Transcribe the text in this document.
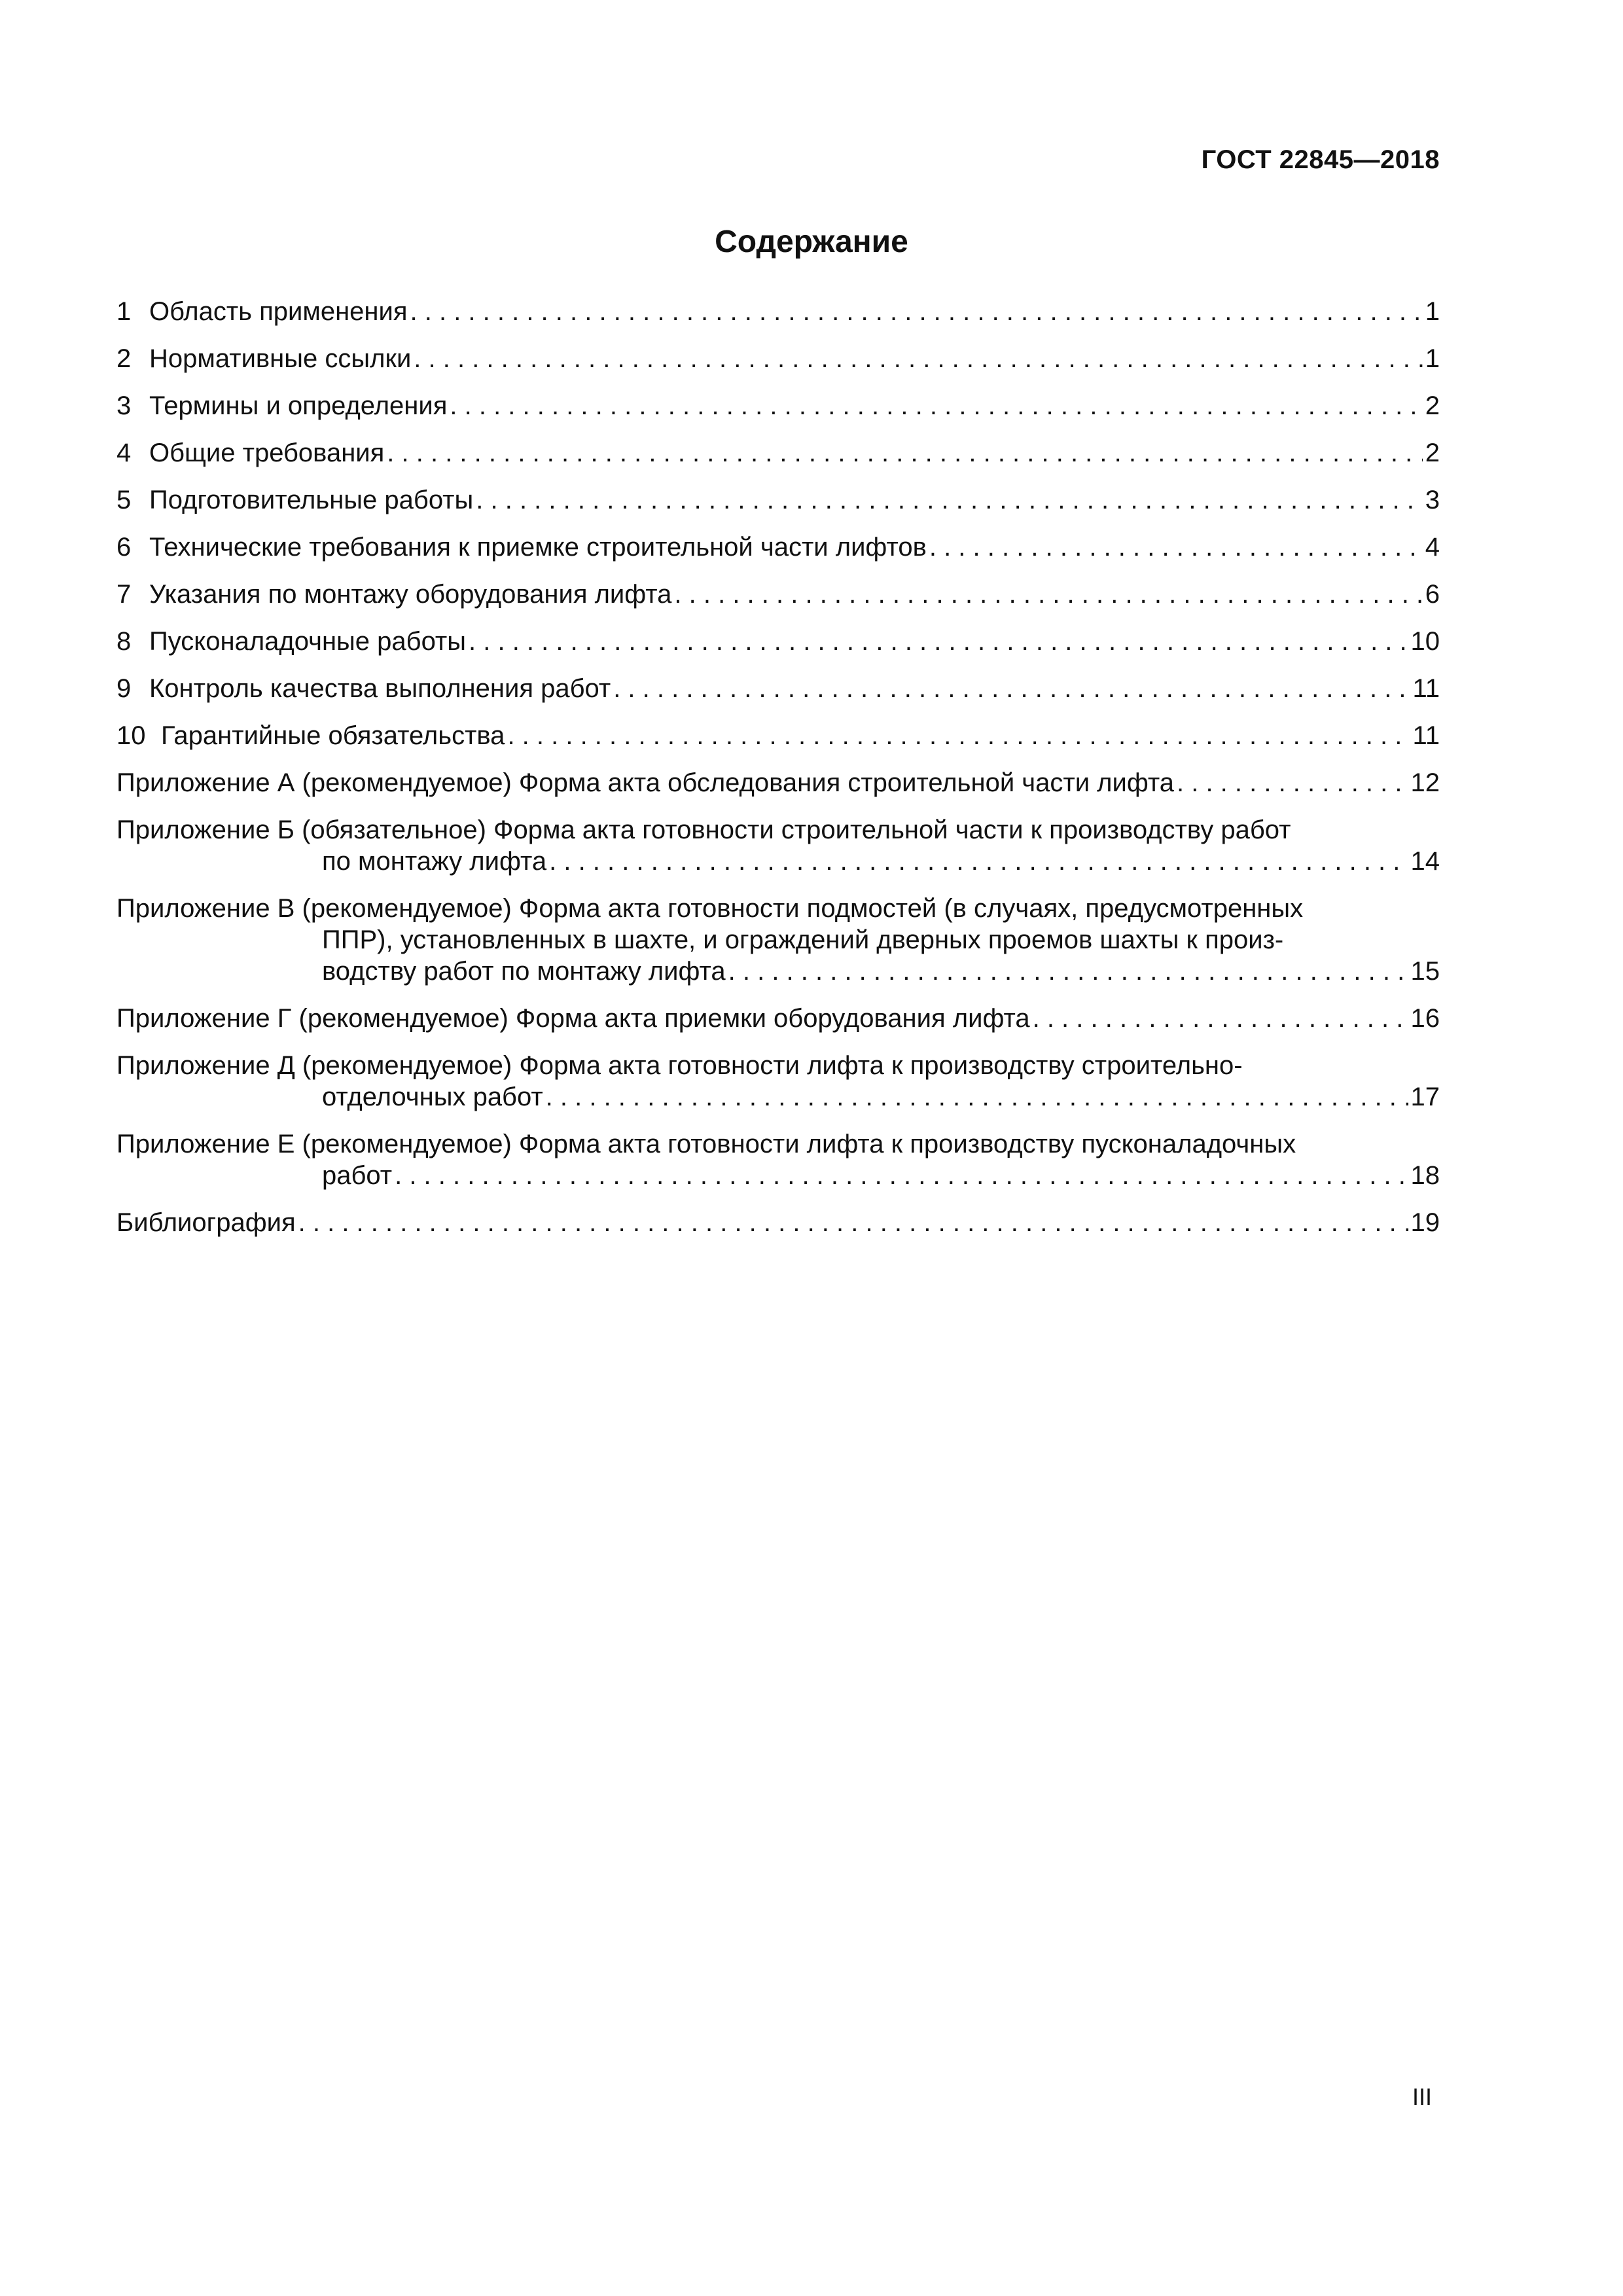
ГОСТ 22845—2018
Содержание
1 Область применения . . .	1
2 Нормативные ссылки . . .	1
3 Термины и определения . . .	2
4 Общие требования . . .	2
5 Подготовительные работы . . .	3
6 Технические требования к приемке строительной части лифтов . . .	4
7 Указания по монтажу оборудования лифта . . .	6
8 Пусконаладочные работы . . .	10
9 Контроль качества выполнения работ . . .	11
10 Гарантийные обязательства . . .	11
Приложение А (рекомендуемое) Форма акта обследования строительной части лифта . . .	12
Приложение Б (обязательное) Форма акта готовности строительной части к производству работ
по монтажу лифта . . .	14
Приложение В (рекомендуемое) Форма акта готовности подмостей (в случаях, предусмотренных
ППР), установленных в шахте, и ограждений дверных проемов шахты к произ-
водству работ по монтажу лифта . . .	15
Приложение Г (рекомендуемое) Форма акта приемки оборудования лифта . . .	16
Приложение Д (рекомендуемое) Форма акта готовности лифта к производству строительно-
отделочных работ . . .	17
Приложение Е (рекомендуемое) Форма акта готовности лифта к производству пусконаладочных
работ . . .	18
Библиография . . .	19
III
